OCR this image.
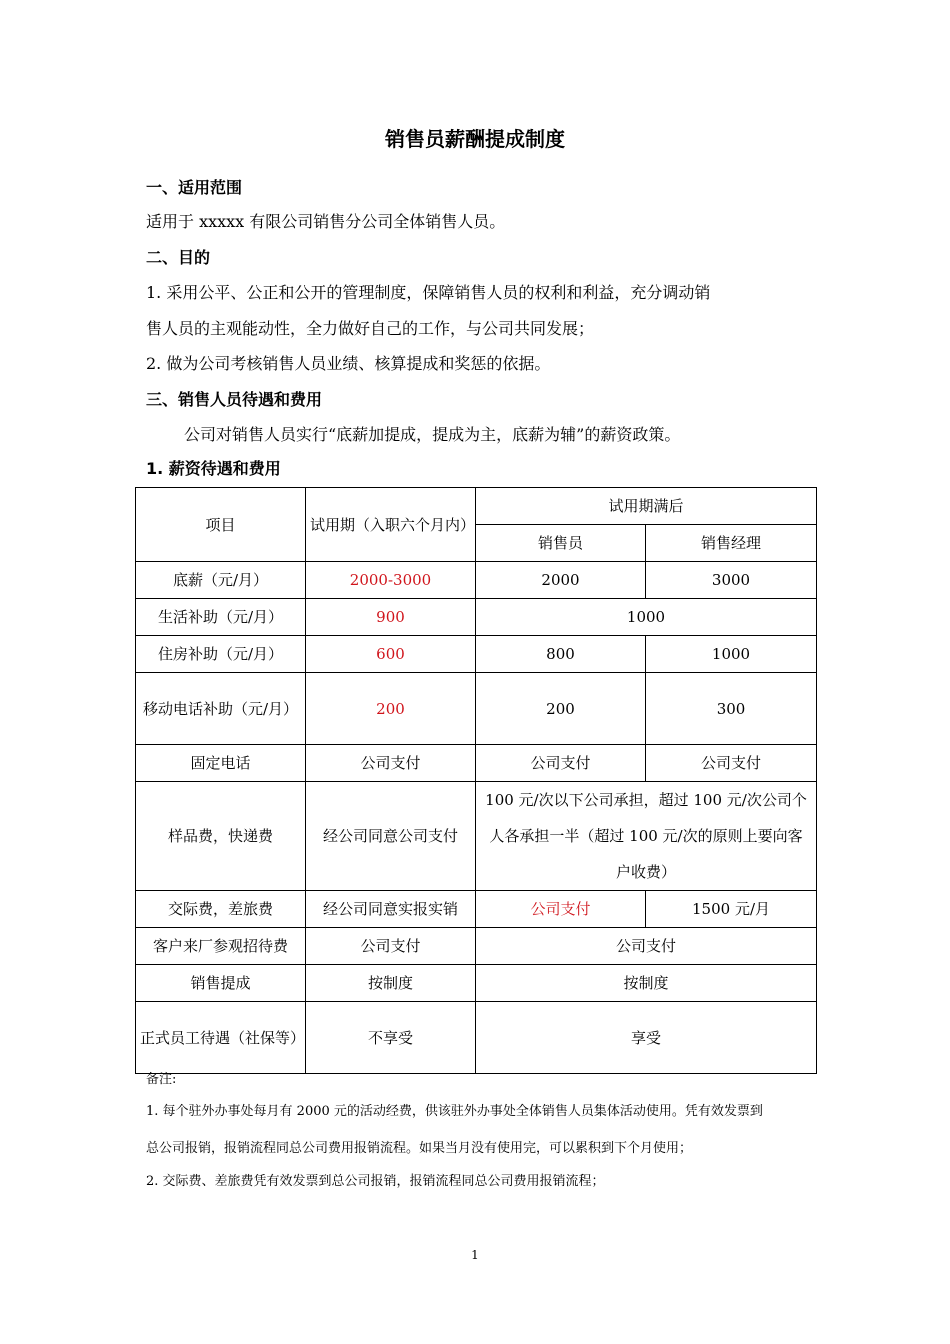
销售员薪酬提成制度
一、适用范围
适用于 xxxxx 有限公司销售分公司全体销售人员。
二、目的
1. 采用公平、公正和公开的管理制度，保障销售人员的权利和利益，充分调动销
售人员的主观能动性，全力做好自己的工作，与公司共同发展；
2. 做为公司考核销售人员业绩、核算提成和奖惩的依据。
三、销售人员待遇和费用
公司对销售人员实行“底薪加提成，提成为主，底薪为辅”的薪资政策。
1. 薪资待遇和费用
项目	试用期（入职六个月内）	试用期满后	
		销售员	销售经理
底薪（元/月）	2000-3000	2000	3000
生活补助（元/月）	900	1000	
住房补助（元/月）	600	800	1000
移动电话补助（元/月）	200	200	300
固定电话	公司支付	公司支付	公司支付
样品费，快递费	经公司同意公司支付	100 元/次以下公司承担，超过 100 元/次公司个人各承担一半（超过 100 元/次的原则上要向客户收费）	
交际费，差旅费	经公司同意实报实销	公司支付	1500 元/月
客户来厂参观招待费	公司支付	公司支付	
销售提成	按制度	按制度	
正式员工待遇（社保等）	不享受	享受	
备注:
1. 每个驻外办事处每月有 2000 元的活动经费，供该驻外办事处全体销售人员集体活动使用。凭有效发票到
总公司报销，报销流程同总公司费用报销流程。如果当月没有使用完，可以累积到下个月使用；
2. 交际费、差旅费凭有效发票到总公司报销，报销流程同总公司费用报销流程；
1
